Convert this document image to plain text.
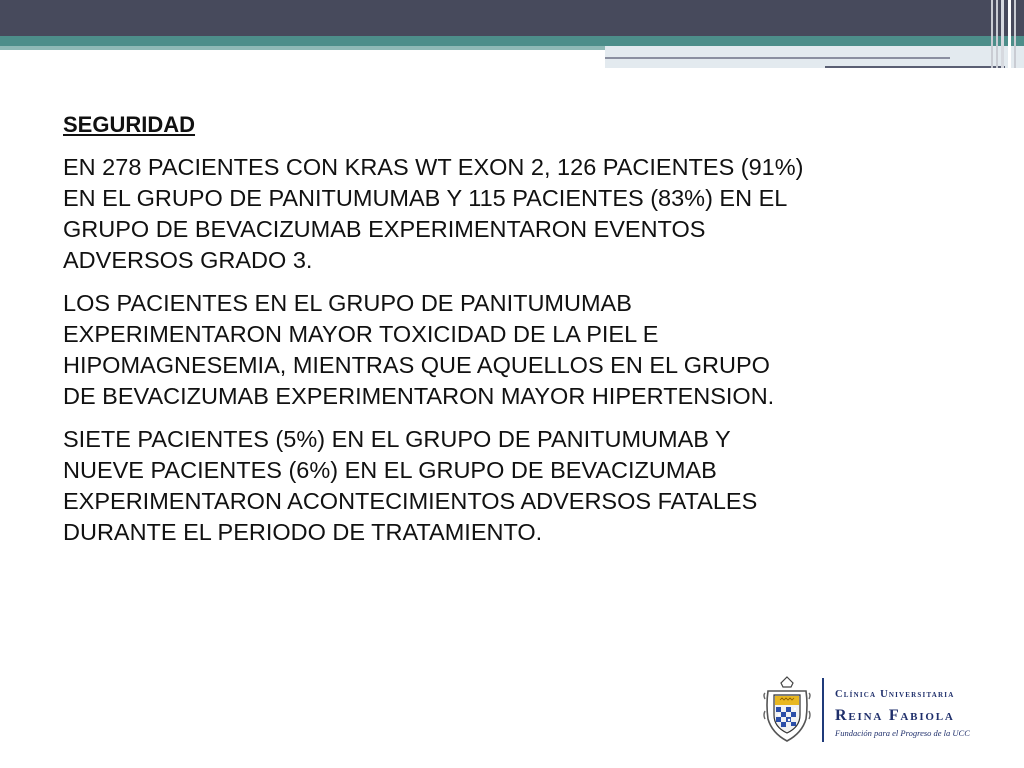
SEGURIDAD
EN 278 PACIENTES CON KRAS WT EXON 2, 126 PACIENTES (91%)
EN EL GRUPO DE PANITUMUMAB Y 115 PACIENTES (83%) EN EL
GRUPO DE BEVACIZUMAB EXPERIMENTARON EVENTOS
ADVERSOS GRADO 3.
LOS PACIENTES EN EL GRUPO DE PANITUMUMAB
EXPERIMENTARON MAYOR TOXICIDAD DE LA PIEL E
HIPOMAGNESEMIA, MIENTRAS QUE AQUELLOS EN EL GRUPO
DE BEVACIZUMAB EXPERIMENTARON MAYOR HIPERTENSION.
SIETE PACIENTES (5%) EN EL GRUPO DE PANITUMUMAB Y
NUEVE PACIENTES (6%) EN EL GRUPO DE BEVACIZUMAB
EXPERIMENTARON ACONTECIMIENTOS ADVERSOS FATALES
DURANTE EL PERIODO DE TRATAMIENTO.
Clínica Universitaria
Reina Fabiola
Fundación para el Progreso de la UCC
